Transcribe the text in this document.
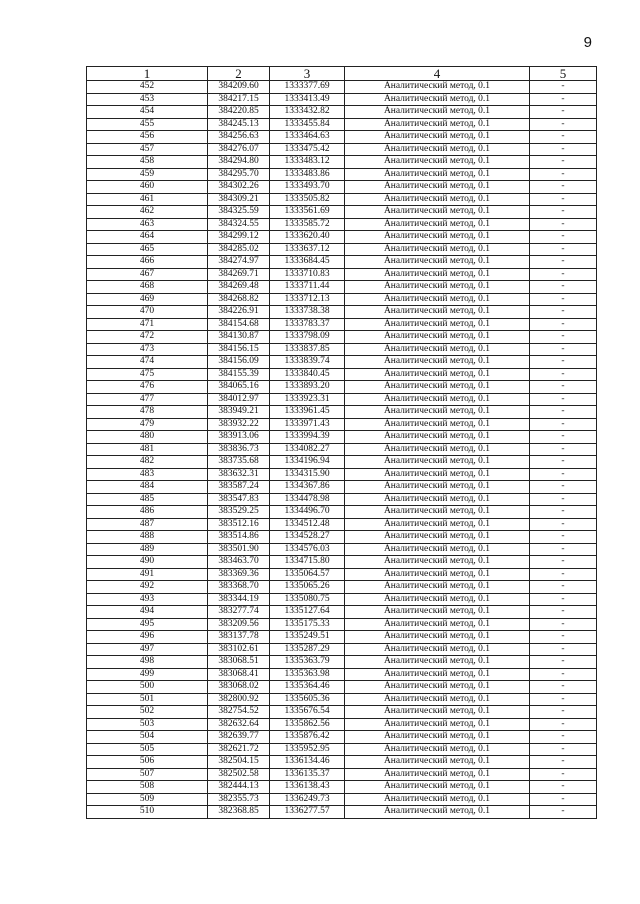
9
1	2	3	4	5
452	384209.60	1333377.69	Аналитический метод, 0.1	-
453	384217.15	1333413.49	Аналитический метод, 0.1	-
454	384220.85	1333432.82	Аналитический метод, 0.1	-
455	384245.13	1333455.84	Аналитический метод, 0.1	-
456	384256.63	1333464.63	Аналитический метод, 0.1	-
457	384276.07	1333475.42	Аналитический метод, 0.1	-
458	384294.80	1333483.12	Аналитический метод, 0.1	-
459	384295.70	1333483.86	Аналитический метод, 0.1	-
460	384302.26	1333493.70	Аналитический метод, 0.1	-
461	384309.21	1333505.82	Аналитический метод, 0.1	-
462	384325.59	1333561.69	Аналитический метод, 0.1	-
463	384324.55	1333585.72	Аналитический метод, 0.1	-
464	384299.12	1333620.40	Аналитический метод, 0.1	-
465	384285.02	1333637.12	Аналитический метод, 0.1	-
466	384274.97	1333684.45	Аналитический метод, 0.1	-
467	384269.71	1333710.83	Аналитический метод, 0.1	-
468	384269.48	1333711.44	Аналитический метод, 0.1	-
469	384268.82	1333712.13	Аналитический метод, 0.1	-
470	384226.91	1333738.38	Аналитический метод, 0.1	-
471	384154.68	1333783.37	Аналитический метод, 0.1	-
472	384130.87	1333798.09	Аналитический метод, 0.1	-
473	384156.15	1333837.85	Аналитический метод, 0.1	-
474	384156.09	1333839.74	Аналитический метод, 0.1	-
475	384155.39	1333840.45	Аналитический метод, 0.1	-
476	384065.16	1333893.20	Аналитический метод, 0.1	-
477	384012.97	1333923.31	Аналитический метод, 0.1	-
478	383949.21	1333961.45	Аналитический метод, 0.1	-
479	383932.22	1333971.43	Аналитический метод, 0.1	-
480	383913.06	1333994.39	Аналитический метод, 0.1	-
481	383836.73	1334082.27	Аналитический метод, 0.1	-
482	383735.68	1334196.94	Аналитический метод, 0.1	-
483	383632.31	1334315.90	Аналитический метод, 0.1	-
484	383587.24	1334367.86	Аналитический метод, 0.1	-
485	383547.83	1334478.98	Аналитический метод, 0.1	-
486	383529.25	1334496.70	Аналитический метод, 0.1	-
487	383512.16	1334512.48	Аналитический метод, 0.1	-
488	383514.86	1334528.27	Аналитический метод, 0.1	-
489	383501.90	1334576.03	Аналитический метод, 0.1	-
490	383463.70	1334715.80	Аналитический метод, 0.1	-
491	383369.36	1335064.57	Аналитический метод, 0.1	-
492	383368.70	1335065.26	Аналитический метод, 0.1	-
493	383344.19	1335080.75	Аналитический метод, 0.1	-
494	383277.74	1335127.64	Аналитический метод, 0.1	-
495	383209.56	1335175.33	Аналитический метод, 0.1	-
496	383137.78	1335249.51	Аналитический метод, 0.1	-
497	383102.61	1335287.29	Аналитический метод, 0.1	-
498	383068.51	1335363.79	Аналитический метод, 0.1	-
499	383068.41	1335363.98	Аналитический метод, 0.1	-
500	383068.02	1335364.46	Аналитический метод, 0.1	-
501	382800.92	1335605.36	Аналитический метод, 0.1	-
502	382754.52	1335676.54	Аналитический метод, 0.1	-
503	382632.64	1335862.56	Аналитический метод, 0.1	-
504	382639.77	1335876.42	Аналитический метод, 0.1	-
505	382621.72	1335952.95	Аналитический метод, 0.1	-
506	382504.15	1336134.46	Аналитический метод, 0.1	-
507	382502.58	1336135.37	Аналитический метод, 0.1	-
508	382444.13	1336138.43	Аналитический метод, 0.1	-
509	382355.73	1336249.73	Аналитический метод, 0.1	-
510	382368.85	1336277.57	Аналитический метод, 0.1	-
